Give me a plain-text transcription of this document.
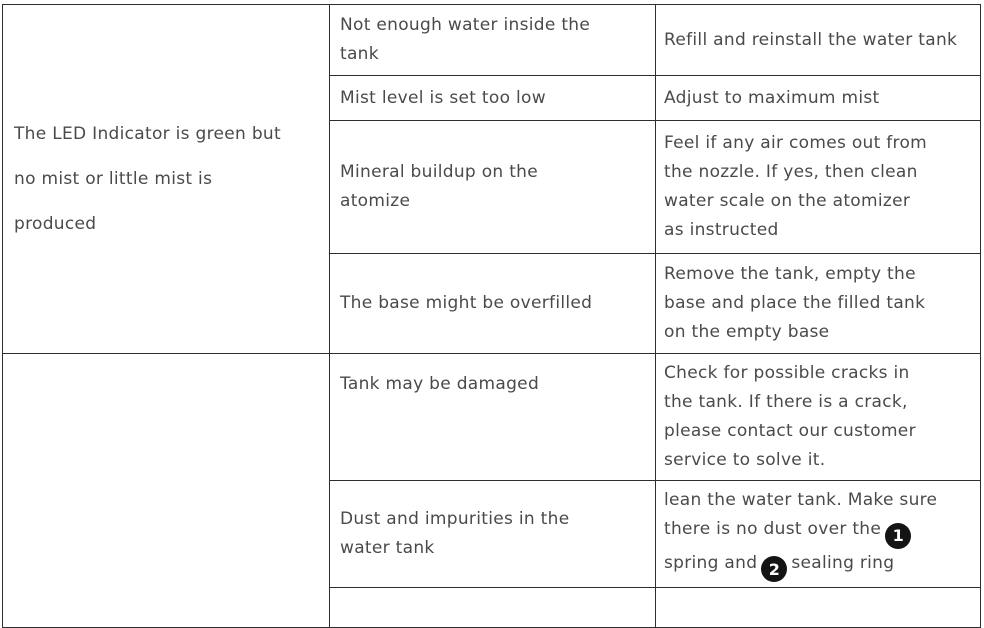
The LED Indicator is green but
no mist or little mist is
produced	Not enough water inside the
tank	Refill and reinstall the water tank

	Mist level is set too low	Adjust to maximum mist

	Mineral buildup on the
atomize	Feel if any air comes out from
the nozzle. If yes, then clean
water scale on the atomizer
as instructed

	The base might be overfilled	Remove the tank, empty the
base and place the filled tank
on the empty base

	Tank may be damaged	Check for possible cracks in
the tank. If there is a crack,
please contact our customer
service to solve it.

	Dust and impurities in the
water tank	lean the water tank. Make sure
there is no dust over the 1
spring and 2 sealing ring
